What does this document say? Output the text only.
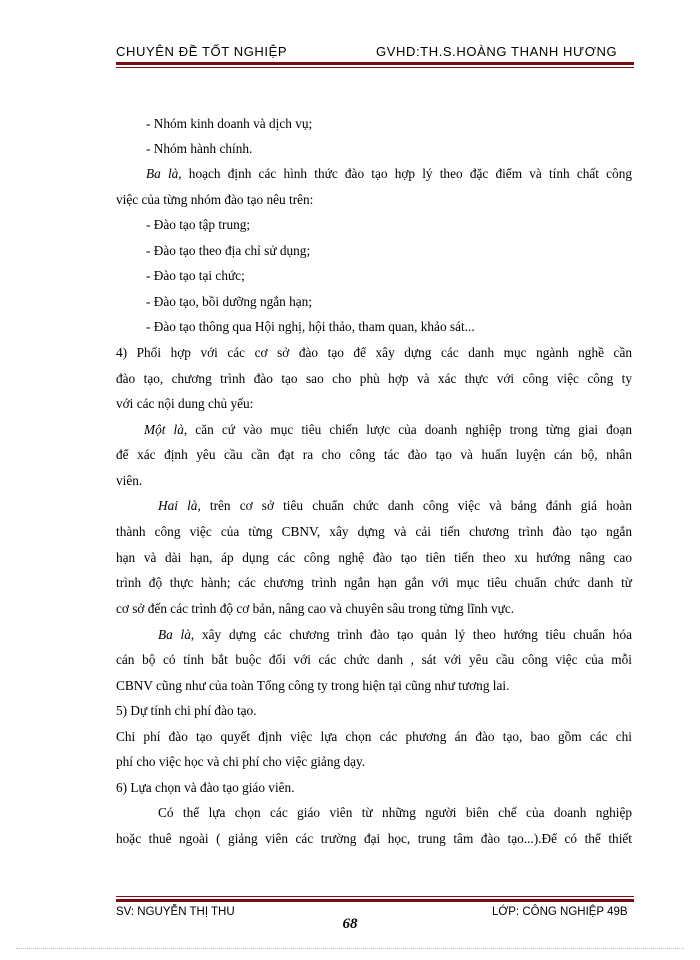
CHUYÊN ĐỀ TỐT NGHIỆP	GVHD:TH.S.HOÀNG THANH HƯƠNG
- Nhóm kinh doanh và dịch vụ;
- Nhóm hành chính.
Ba là, hoạch định các hình thức đào tạo hợp lý theo đặc điểm và tính chất công
việc của từng nhóm đào tạo nêu trên:
- Đào tạo tập trung;
- Đào tạo theo địa chỉ sử dụng;
- Đào tạo tại chức;
- Đào tạo, bồi dưỡng ngắn hạn;
- Đào tạo thông qua Hội nghị, hội thảo, tham quan, khảo sát...
4) Phối hợp với các cơ sở đào tạo để xây dựng các danh mục ngành nghề cần
đào tạo, chương trình đào tạo sao cho phù hợp và xác thực với công việc công ty
với các nội dung chủ yếu:
Một là, căn cứ vào mục tiêu chiến lược của doanh nghiệp trong từng giai đoạn
để xác định yêu cầu cần đạt ra cho công tác đào tạo và huấn luyện cán bộ, nhân
viên.
Hai là, trên cơ sở tiêu chuẩn chức danh công việc và bảng đánh giá hoàn
thành công việc của từng CBNV, xây dựng và cải tiến chương trình đào tạo ngắn
hạn và dài hạn, áp dụng các công nghệ đào tạo tiên tiến theo xu hướng nâng cao
trình độ thực hành; các chương trình ngắn hạn gắn với mục tiêu chuẩn chức danh từ
cơ sở đến các trình độ cơ bản, nâng cao và chuyên sâu trong từng lĩnh vực.
Ba là, xây dựng các chương trình đào tạo quản lý theo hướng tiêu chuẩn hóa
cán bộ có tính bắt buộc đối với các chức danh , sát với yêu cầu công việc của mỗi
CBNV cũng như của toàn Tổng công ty trong hiện tại cũng như tương lai.
5) Dự tính chi phí đào tạo.
Chi phí đào tạo quyết định việc lựa chọn các phương án đào tạo, bao gồm các chi
phí cho việc học và chi phí cho việc giảng dạy.
6) Lựa chọn và đào tạo giáo viên.
Có thể lựa chọn các giáo viên từ những người biên chế của doanh nghiệp
hoặc thuê ngoài ( giảng viên các trường đại học, trung tâm đào tạo...).Để có thể thiết
SV: NGUYỄN THỊ THU
68
LỚP: CÔNG NGHIỆP 49B
